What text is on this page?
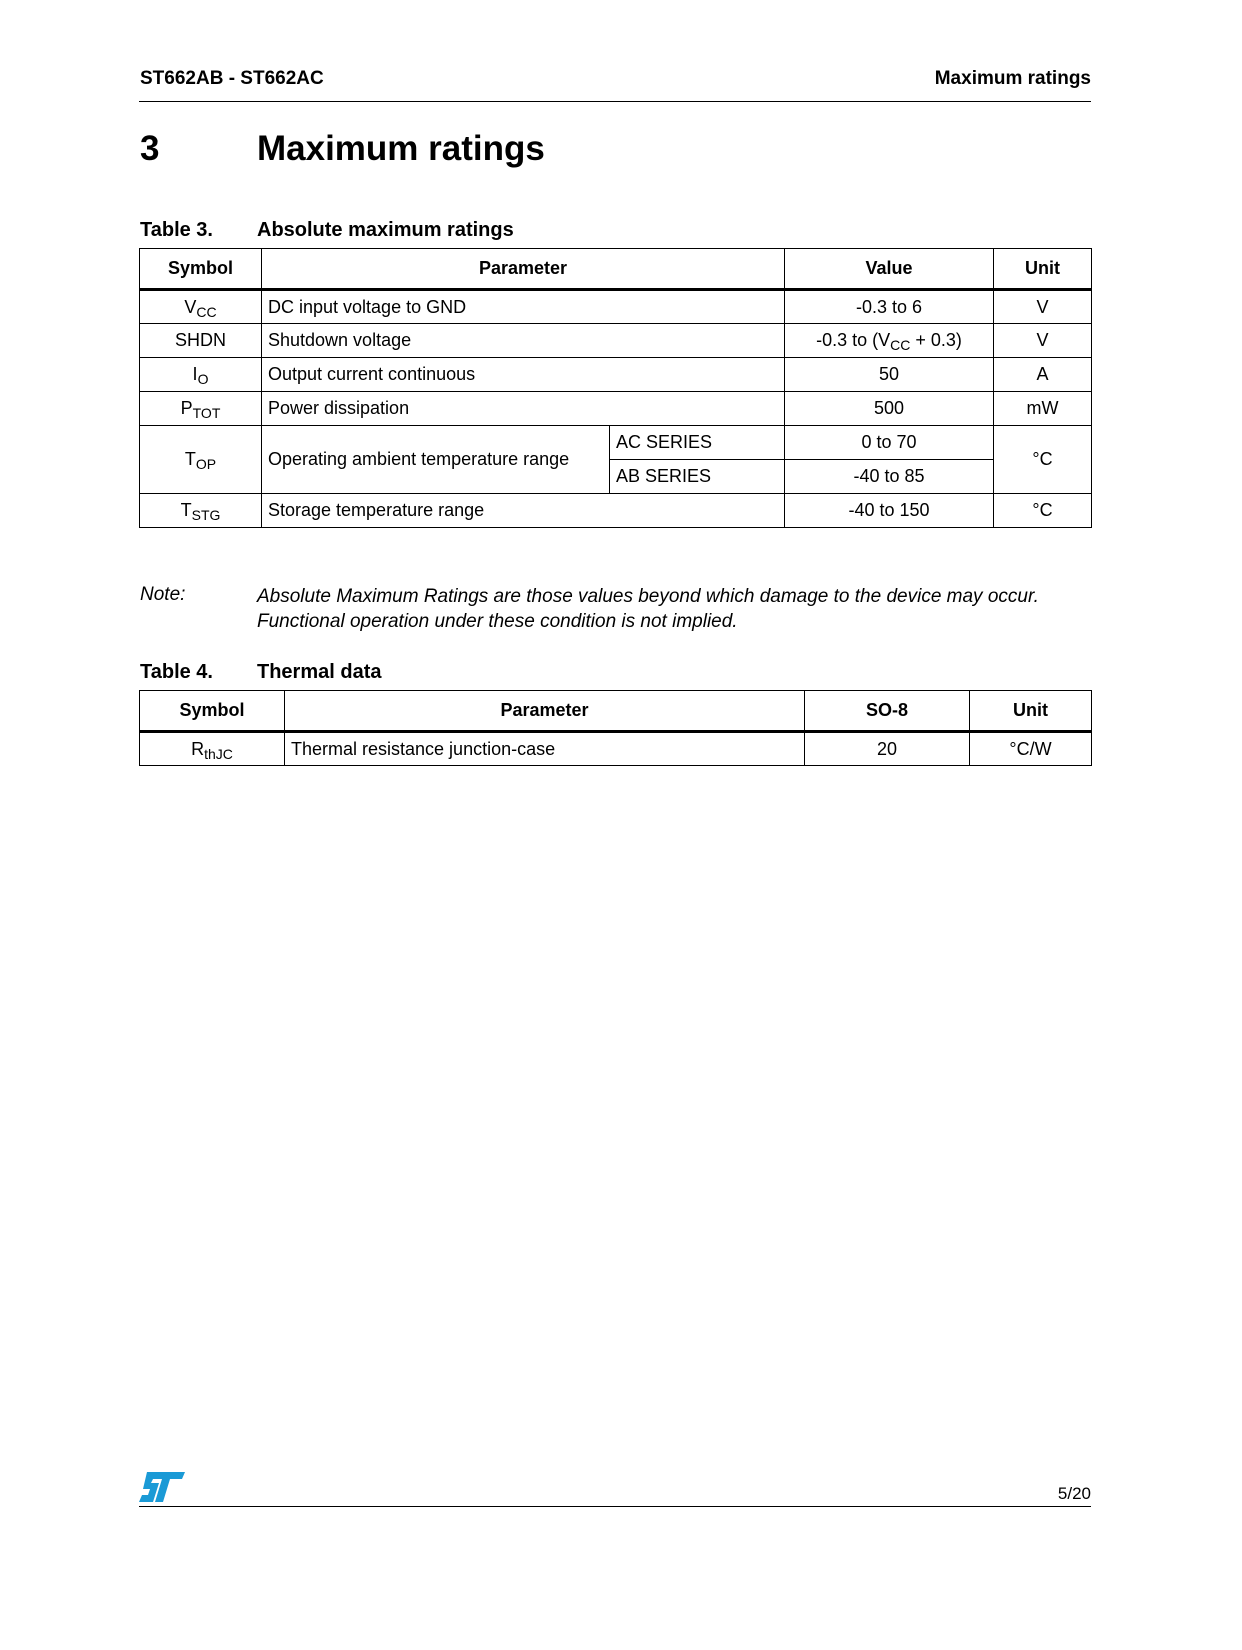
ST662AB - ST662AC	Maximum ratings
3	Maximum ratings
Table 3. Absolute maximum ratings
Symbol	Parameter		Value	Unit
$V_{CC}$	DC input voltage to GND		-0.3 to 6	V
SHDN	Shutdown voltage		-0.3 to $(V_{CC} + 0.3)$	V
$I_O$	Output current continuous		50	A
$P_{TOT}$	Power dissipation		500	mW
$T_{OP}$	Operating ambient temperature range	AC SERIES	0 to 70	°C
		AB SERIES	-40 to 85	
$T_{STG}$	Storage temperature range		-40 to 150	°C
Note:	Absolute Maximum Ratings are those values beyond which damage to the device may occur. Functional operation under these condition is not implied.
Table 4. Thermal data
Symbol	Parameter	SO-8	Unit
$R_{thJC}$	Thermal resistance junction-case	20	°C/W
5/20
